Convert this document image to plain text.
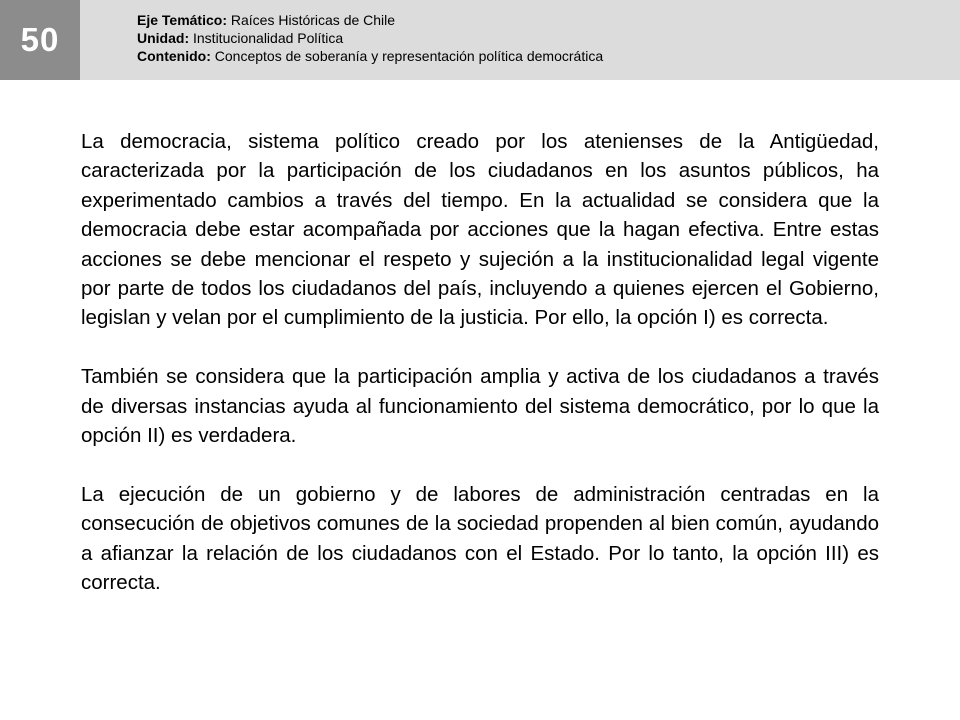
50
Eje Temático: Raíces Históricas de Chile
Unidad: Institucionalidad Política
Contenido: Conceptos de soberanía y representación política democrática

La democracia, sistema político creado por los atenienses de la Antigüedad, caracterizada por la participación de los ciudadanos en los asuntos públicos, ha experimentado cambios a través del tiempo. En la actualidad se considera que la democracia debe estar acompañada por acciones que la hagan efectiva. Entre estas acciones se debe mencionar el respeto y sujeción a la institucionalidad legal vigente por parte de todos los ciudadanos del país, incluyendo a quienes ejercen el Gobierno, legislan y velan por el cumplimiento de la justicia. Por ello, la opción I) es correcta.

También se considera que la participación amplia y activa de los ciudadanos a través de diversas instancias ayuda al funcionamiento del sistema democrático, por lo que la opción II) es verdadera.

La ejecución de un gobierno y de labores de administración centradas en la consecución de objetivos comunes de la sociedad propenden al bien común, ayudando a afianzar la relación de los ciudadanos con el Estado. Por lo tanto, la opción III) es correcta.
